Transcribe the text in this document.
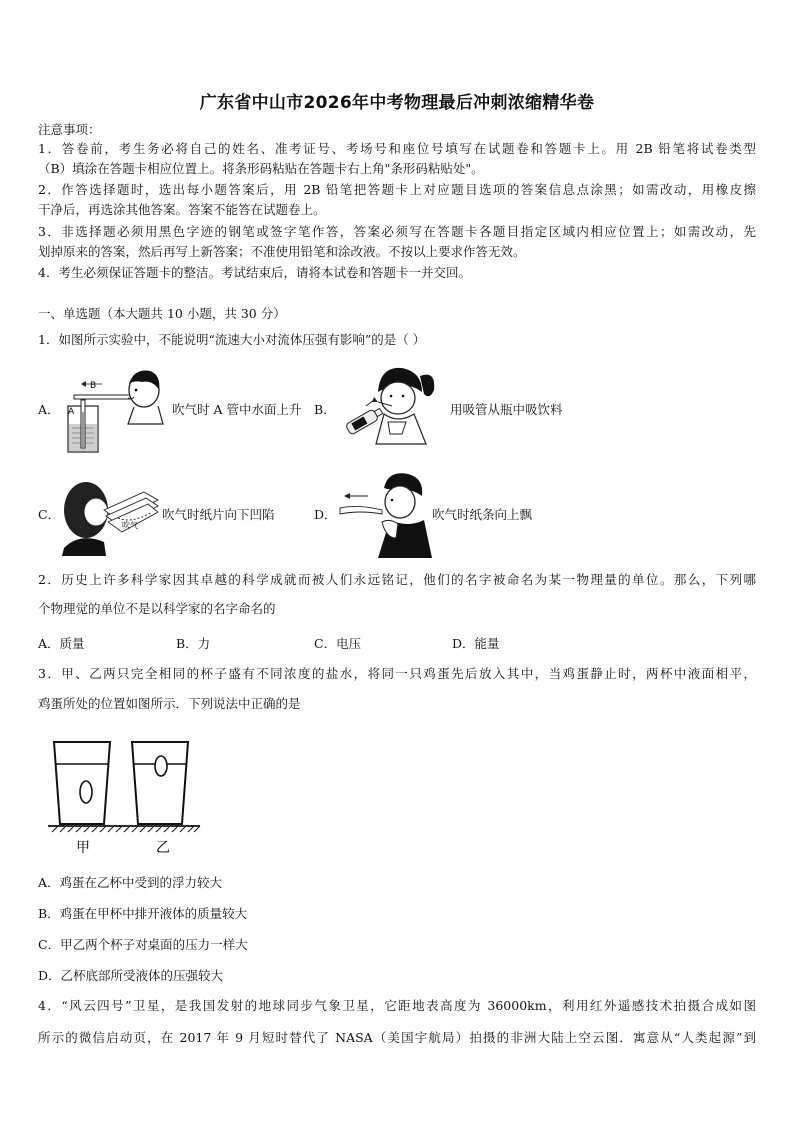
广东省中山市2026年中考物理最后冲刺浓缩精华卷
注意事项：
1．答卷前，考生务必将自己的姓名、准考证号、考场号和座位号填写在试题卷和答题卡上。用 2B 铅笔将试卷类型
（B）填涂在答题卡相应位置上。将条形码粘贴在答题卡右上角"条形码粘贴处"。
2．作答选择题时，选出每小题答案后，用 2B 铅笔把答题卡上对应题目选项的答案信息点涂黑；如需改动，用橡皮擦
干净后，再选涂其他答案。答案不能答在试题卷上。
3．非选择题必须用黑色字迹的钢笔或签字笔作答，答案必须写在答题卡各题目指定区域内相应位置上；如需改动，先
划掉原来的答案，然后再写上新答案；不准使用铅笔和涂改液。不按以上要求作答无效。
4．考生必须保证答题卡的整洁。考试结束后，请将本试卷和答题卡一并交回。
一、单选题（本大题共 10 小题，共 30 分）
1．如图所示实验中，不能说明“流速大小对流体压强有影响”的是（ ）
A． A
B
吹气时 A 管中水面上升 B．	用吸管从瓶中吸饮料
C．
吹气
吹气时纸片向下凹陷	D．	吹气时纸条向上飘
2．历史上许多科学家因其卓越的科学成就而被人们永远铭记，他们的名字被命名为某一物理量的单位。那么，下列哪
个物理觉的单位不是以科学家的名字命名的
A．质量	B．力	C．电压	D．能量
3．甲、乙两只完全相同的杯子盛有不同浓度的盐水，将同一只鸡蛋先后放入其中，当鸡蛋静止时，两杯中液面相平，
鸡蛋所处的位置如图所示．下列说法中正确的是
甲	乙
A．鸡蛋在乙杯中受到的浮力较大
B．鸡蛋在甲杯中排开液体的质量较大
C．甲乙两个杯子对桌面的压力一样大
D．乙杯底部所受液体的压强较大
4．“风云四号”卫星，是我国发射的地球同步气象卫星，它距地表高度为 36000km，利用红外遥感技术拍摄合成如图
所示的微信启动页，在 2017 年 9 月短时替代了 NASA（美国宇航局）拍摄的非洲大陆上空云图．寓意从“人类起源”到
